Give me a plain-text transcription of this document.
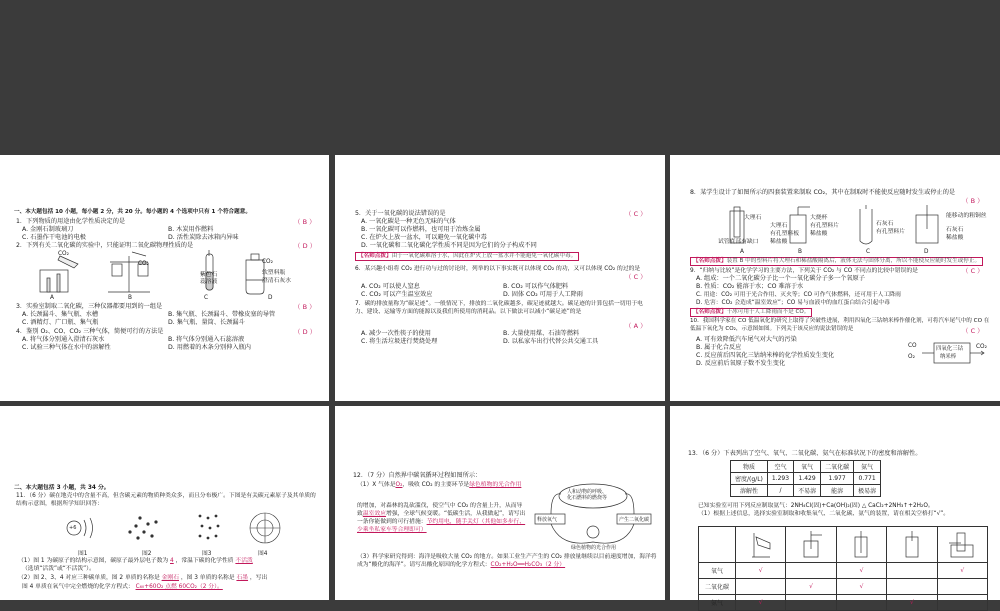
一、本大题包括 10 小题，每小题 2 分，共 20 分。每小题的 4 个选项中只有 1 个符合题意。
1．下列物质的用途由化学性质决定的是	（ B ）
A. 金刚石制玻璃刀	B. 木炭用作燃料
C. 石墨作干电池的电极	D. 活性炭除去冰箱内异味
2．下列有关二氧化碳的实验中，只能证明二氧化碳物理性质的是	（ D ）
CO₂
CO₂
紫色石
蕊溶液
CO₂
软塑料瓶
澄清石灰水
A	B	C	D
3．实验室制取二氧化碳，三种仪器都要用到的一组是	（ B ）
A. 长颈漏斗、集气瓶、水槽	B. 集气瓶、长颈漏斗、带橡皮塞的导管
C. 酒精灯、广口瓶、集气瓶	D. 集气瓶、量筒、长颈漏斗
4．鉴别 O₂、CO、CO₂ 三种气体，简便可行的方法是	（ D ）
A. 将气体分别通入澄清石灰水	B. 将气体分别通入石蕊溶液
C. 试验三种气体在水中的溶解性	D. 用燃着的木条分别伸入瓶内
5．关于一氧化碳的说法错误的是	（ C ）
A. 一氧化碳是一种无色无味的气体
B. 一氧化碳可以作燃料，也可用于冶炼金属
C. 在炉火上放一盆水，可以避免一氧化碳中毒
D. 一氧化碳和二氧化碳化学性质不同是因为它们的分子构成不同
【名师点拨】由于一氧化碳难溶于水，因此在炉火上放一盆水并不能避免一氧化碳中毒。
6．某兴趣小组将 CO₂ 进行功与过的讨论时，列举的以下事实既可以体现 CO₂ 的功，又可以体现 CO₂ 的过的是
（ C ）
A. CO₂ 可以使人窒息	B. CO₂ 可以作气体肥料
C. CO₂ 可以产生温室效应	D. 固体 CO₂ 可用于人工降雨
7．碳的排放量称为“碳足迹”。一般情况下，排放的二氧化碳越多，碳足迹就越大。碳足迹的计算包括一切用于电力、建设、运输等方面的能源以及我们所使用的消耗品。以下做法可以减小“碳足迹”的是
（ A ）
A. 减少一次性筷子的使用	B. 大量使用煤、石油等燃料
C. 将生活垃圾进行焚烧处理	D. 以私家车出行代替公共交通工具
8．某学生设计了如图所示的四套装置来制取 CO₂，其中在制取时不能使反应随时发生或停止的是
（ B ）
大理石
试管底部有缺口
大烧杯
有孔塑料片
稀盐酸
大理石
有孔塑料板
稀盐酸
石灰石
有孔塑料片
能移动的粗铜丝
石灰石
稀盐酸
A	B	C	D
【名师点拨】装置 B 中的塑料片将大理石和稀盐酸隔离后，液体无法与固体分离，所以不能使反应随时发生或停止。
9．“归纳与比较”是化学学习的主要方法，下列关于 CO₂ 与 CO 不同点的比较中错误的是	（ C ）
A. 组成：一个二氧化碳分子比一个一氧化碳分子多一个氧原子
B. 性质：CO₂ 能溶于水；CO 难溶于水
C. 用途：CO₂ 可用于光合作用、灭火等；CO 可作气体燃料，还可用于人工降雨
D. 危害：CO₂ 会造成“温室效应”；CO 易与血液中的血红蛋白结合引起中毒
【名师点拨】干冰可用于人工降雨而不是 CO。
10．我国科学家在 CO 低温氧化的研究上取得了突破性进展，利用四氧化三钴纳米棒作催化剂，可将汽车尾气中的 CO 在低温下氧化为 CO₂，示意图如图。下列关于该反应的说法错误的是	（ C ）
A. 可有效降低汽车尾气对大气的污染
B. 属于化合反应
C. 反应前后四氧化三钴纳米棒的化学性质发生变化
D. 反应前后氧原子数不发生变化
CO
O₂
四氧化三钴
纳米棒
CO₂
二、本大题包括 3 小题，共 34 分。
11．（6 分）碳在地壳中的含量不高，但含碳元素的物质种类众多，而且分布极广。下图是有关碳元素原子及其单质的结构示意图，根据所学知识回答：
+6
图1	图2	图3	图4
（1）图 1 为碳原子的结构示意图，碳原子最外层电子数为 4 ，常温下碳的化学性质 不活泼
（选填“活泼”或“不活泼”）。
（2）图 2、3、4 对应三种碳单质，图 2 单质的名称是 金刚石 ，图 3 单质的名称是 石墨 ，写出
图 4 单质在氧气中完全燃烧的化学方程式： C₆₀+60O₂ 点燃 60CO₂（2 分）。
12．（7 分）自然界中碳氧循环过程如图所示：
（1）X 气体是O₂，吸收 CO₂ 的主要环节是绿色植物的光合作用
的增加，对森林的乱砍滥伐，使空气中 CO₂ 的含量上升，从而导致温室效应增强，全球气候变暖。“低碳生活，从我做起”，请写出一条你能做到的可行措施：节约用电，随手关灯（其他如多步行、少乘坐私家车等合理即可）
（3）科学家研究得到：海洋是吸收大量 CO₂ 的地方。如果工业生产产生的 CO₂ 排放量继续以目前速度增加，海洋将成为“酸化的海洋”。请写出酸化原因的化学方程式：CO₂+H₂O══H₂CO₃（2 分）
人和动物的呼吸、
化石燃料的燃烧等
释放氧气	产生二氧化碳
绿色植物的光合作用
13．（6 分）下表列出了空气、氧气、二氧化碳、氨气在标准状况下的密度和溶解性。
物质	空气	氧气	二氧化碳	氨气
密度/(g/L)	1.293	1.429	1.977	0.771
溶解性	/	不易溶	能溶	极易溶
已知实验室可用下列反应制取氨气：2NH₄Cl(固)+Ca(OH)₂(固) △ CaCl₂+2NH₃↑+2H₂O。
（1）根据上述信息，选择实验室制取和收集氧气、二氧化碳、氨气的装置，请在相关空格打“√”。

氧气	√		√		√
二氧化碳		√	√		
氨气	√			√	
